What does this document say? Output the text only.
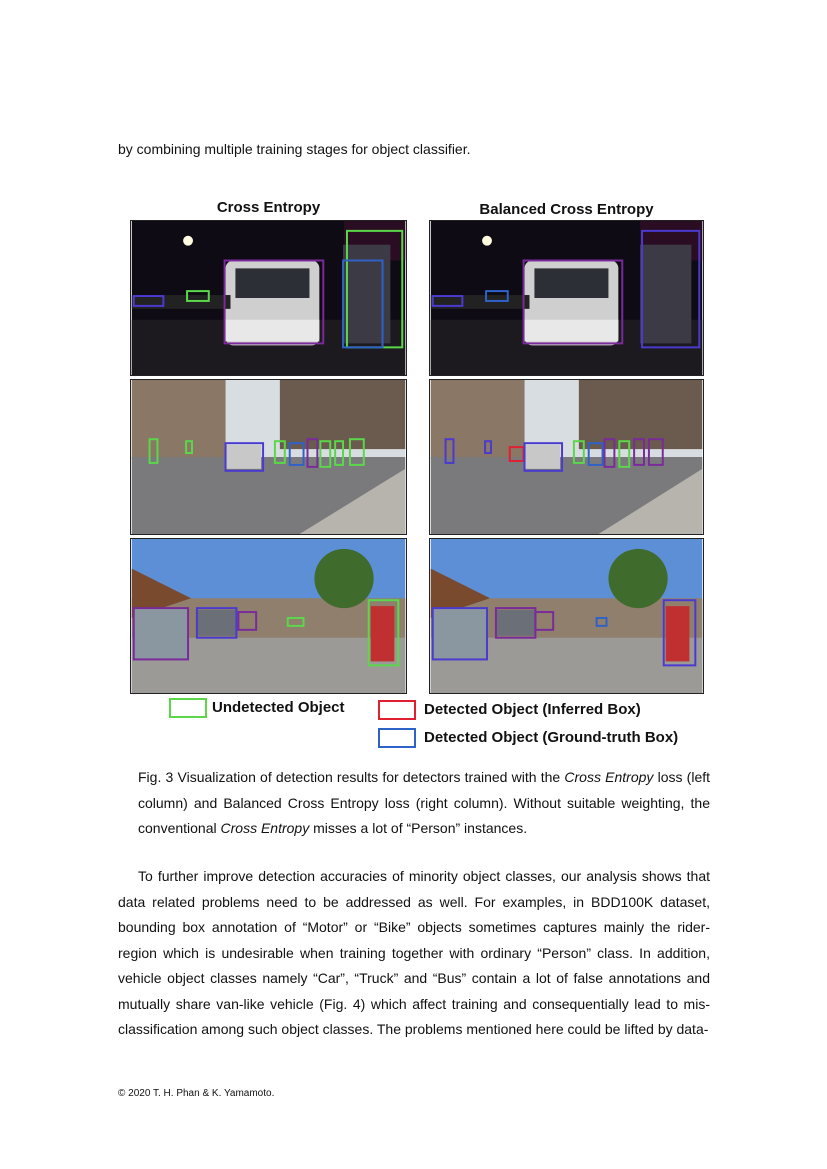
by combining multiple training stages for object classifier.
Cross Entropy	Balanced Cross Entropy
Undetected Object	Detected Object (Inferred Box)
Detected Object (Ground-truth Box)
Fig. 3 Visualization of detection results for detectors trained with the Cross Entropy loss (left column) and Balanced Cross Entropy loss (right column). Without suitable weighting, the conventional Cross Entropy misses a lot of “Person” instances.
To further improve detection accuracies of minority object classes, our analysis shows that data related problems need to be addressed as well. For examples, in BDD100K dataset, bounding box annotation of “Motor” or “Bike” objects sometimes captures mainly the rider-region which is undesirable when training together with ordinary “Person” class. In addition, vehicle object classes namely “Car”, “Truck” and “Bus” contain a lot of false annotations and mutually share van-like vehicle (Fig. 4) which affect training and consequentially lead to mis-classification among such object classes. The problems mentioned here could be lifted by data-
© 2020 T. H. Phan & K. Yamamoto.
